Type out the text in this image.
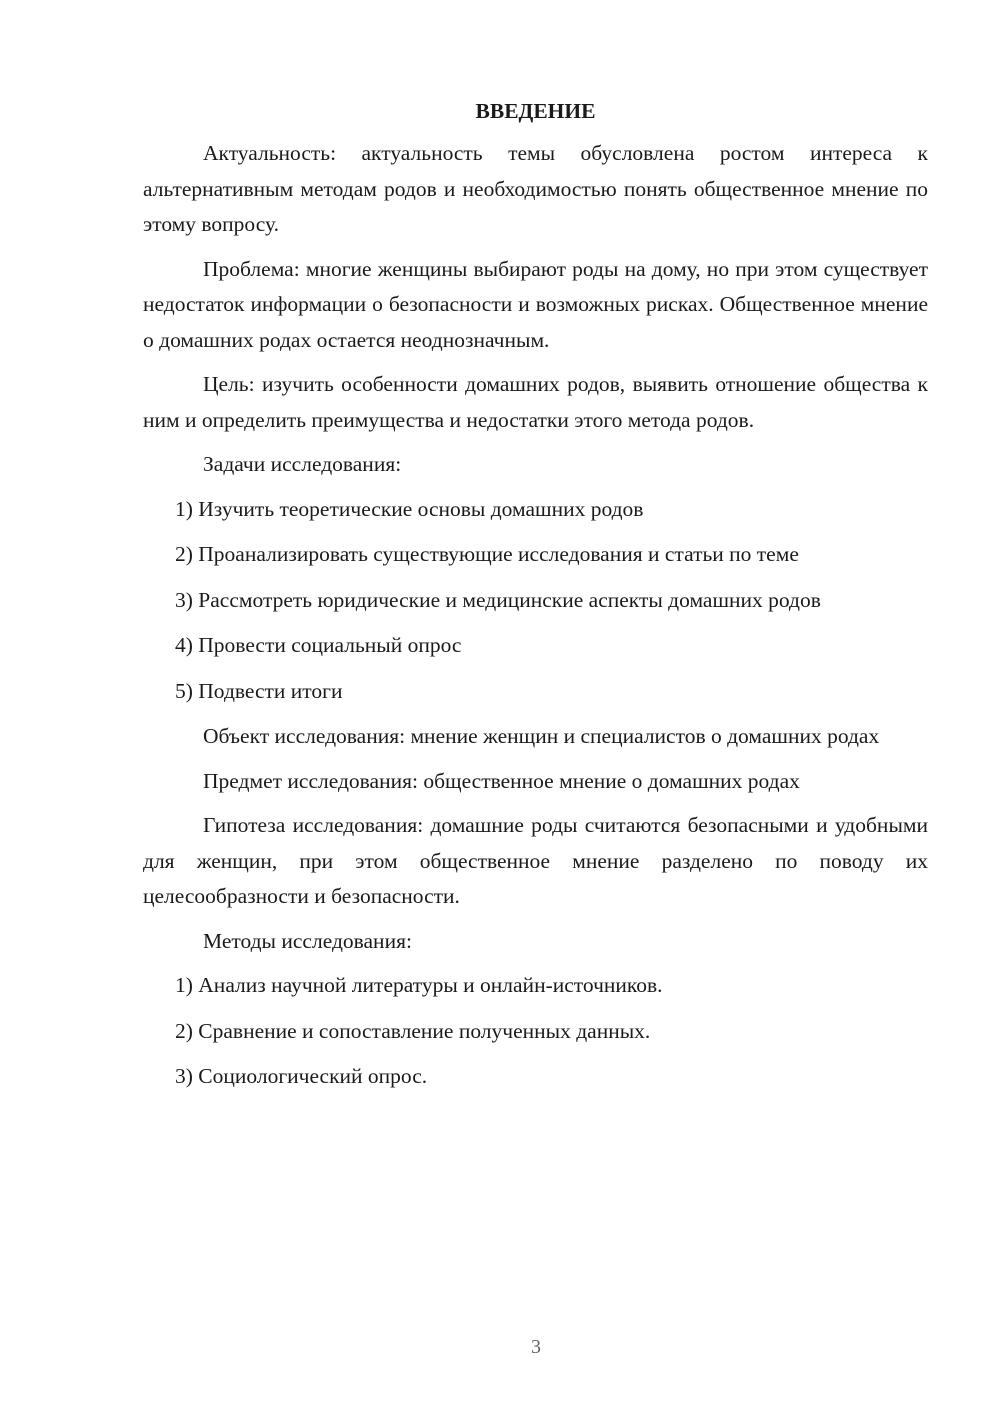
ВВЕДЕНИЕ

Актуальность: актуальность темы обусловлена ростом интереса к альтернативным методам родов и необходимостью понять общественное мнение по этому вопросу.

Проблема: многие женщины выбирают роды на дому, но при этом существует недостаток информации о безопасности и возможных рисках. Общественное мнение о домашних родах остается неоднозначным.

Цель: изучить особенности домашних родов, выявить отношение общества к ним и определить преимущества и недостатки этого метода родов.

Задачи исследования:

1) Изучить теоретические основы домашних родов
2) Проанализировать существующие исследования и статьи по теме
3) Рассмотреть юридические и медицинские аспекты домашних родов
4) Провести социальный опрос
5) Подвести итоги

Объект исследования: мнение женщин и специалистов о домашних родах

Предмет исследования: общественное мнение о домашних родах

Гипотеза исследования: домашние роды считаются безопасными и удобными для женщин, при этом общественное мнение разделено по поводу их целесообразности и безопасности.

Методы исследования:

1) Анализ научной литературы и онлайн-источников.
2) Сравнение и сопоставление полученных данных.
3) Социологический опрос.
3
